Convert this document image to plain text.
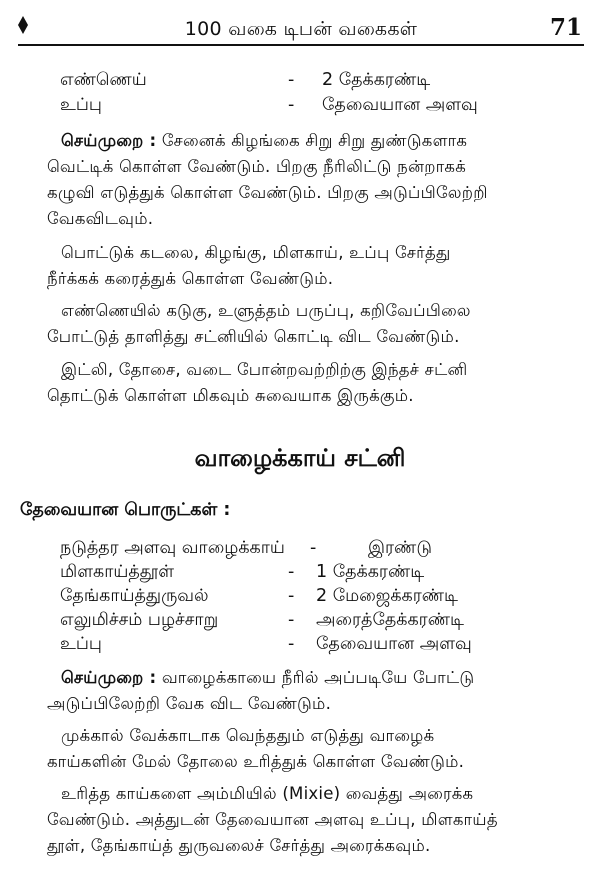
100 வகை டிபன் வகைகள்	71
எண்ணெய்	- 2 தேக்கரண்டி
உப்பு	- தேவையான அளவு
செய்முறை : சேனைக் கிழங்கை சிறு சிறு துண்டுகளாக
வெட்டிக் கொள்ள வேண்டும். பிறகு நீரிலிட்டு நன்றாகக்
கழுவி எடுத்துக் கொள்ள வேண்டும். பிறகு அடுப்பிலேற்றி
வேகவிடவும்.
பொட்டுக் கடலை, கிழங்கு, மிளகாய், உப்பு சேர்த்து
நீர்க்கக் கரைத்துக் கொள்ள வேண்டும்.
எண்ணெயில் கடுகு, உளுத்தம் பருப்பு, கறிவேப்பிலை
போட்டுத் தாளித்து சட்னியில் கொட்டி விட வேண்டும்.
இட்லி, தோசை, வடை போன்றவற்றிற்கு இந்தச் சட்னி
தொட்டுக் கொள்ள மிகவும் சுவையாக இருக்கும்.
வாழைக்காய் சட்னி
தேவையான பொருட்கள் :
நடுத்தர அளவு வாழைக்காய் -	இரண்டு
மிளகாய்த்தூள்	- 1 தேக்கரண்டி
தேங்காய்த்துருவல்	- 2 மேஜைக்கரண்டி
எலுமிச்சம் பழச்சாறு	- அரைத்தேக்கரண்டி
உப்பு	- தேவையான அளவு
செய்முறை : வாழைக்காயை நீரில் அப்படியே போட்டு
அடுப்பிலேற்றி வேக விட வேண்டும்.
முக்கால் வேக்காடாக வெந்ததும் எடுத்து வாழைக்
காய்களின் மேல் தோலை உரித்துக் கொள்ள வேண்டும்.
உரித்த காய்களை அம்மியில் (Mixie) வைத்து அரைக்க
வேண்டும். அத்துடன் தேவையான அளவு உப்பு, மிளகாய்த்
தூள், தேங்காய்த் துருவலைச் சேர்த்து அரைக்கவும்.
